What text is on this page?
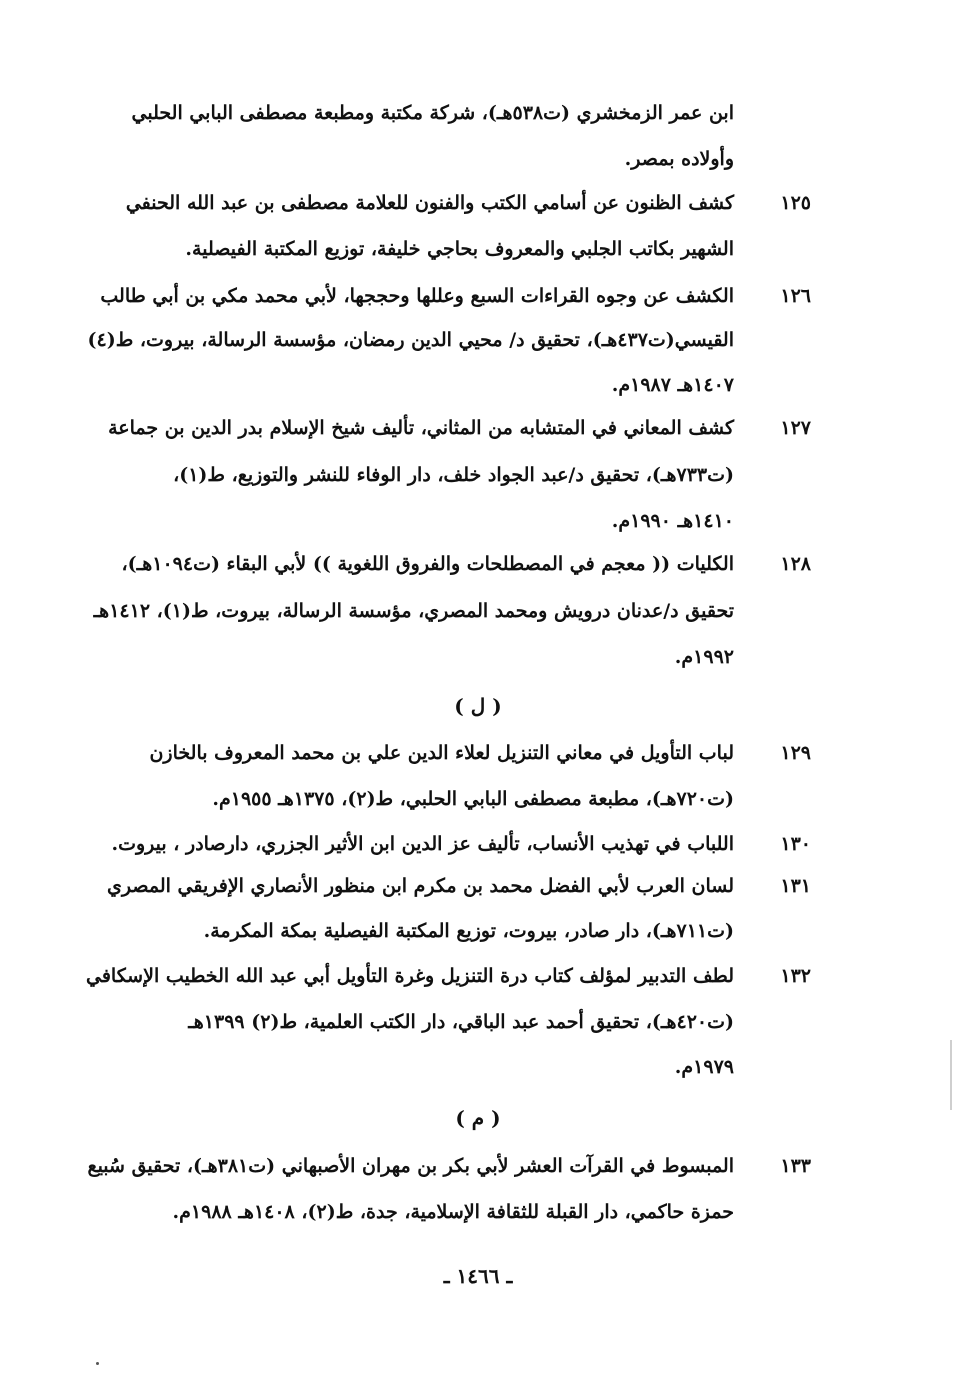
ابن عمر الزمخشري (ت٥٣٨هـ)، شركة مكتبة ومطبعة مصطفى البابي الحلبي
وأولاده بمصر.
١٢٥
كشف الظنون عن أسامي الكتب والفنون للعلامة مصطفى بن عبد الله الحنفي
الشهير بكاتب الجلبي والمعروف بحاجي خليفة، توزيع المكتبة الفيصلية.
١٢٦
الكشف عن وجوه القراءات السبع وعللها وحججها، لأبي محمد مكي بن أبي طالب
القيسي(ت٤٣٧هـ)، تحقيق د/ محيي الدين رمضان، مؤسسة الرسالة، بيروت، ط(٤)
١٤٠٧هـ ١٩٨٧م.
١٢٧
كشف المعاني في المتشابه من المثاني، تأليف شيخ الإسلام بدر الدين بن جماعة
(ت٧٣٣هـ)، تحقيق د/عبد الجواد خلف، دار الوفاء للنشر والتوزيع، ط(١)،
١٤١٠هـ ١٩٩٠م.
١٢٨
الكليات (( معجم في المصطلحات والفروق اللغوية )) لأبي البقاء (ت١٠٩٤هـ)،
تحقيق د/عدنان درويش ومحمد المصري، مؤسسة الرسالة، بيروت، ط(١)، ١٤١٢هـ
١٩٩٢م.
( ل )
١٢٩
لباب التأويل في معاني التنزيل لعلاء الدين علي بن محمد المعروف بالخازن
(ت٧٢٠هـ)، مطبعة مصطفى البابي الحلبي، ط(٢)، ١٣٧٥هـ ١٩٥٥م.
١٣٠
اللباب في تهذيب الأنساب، تأليف عز الدين ابن الأثير الجزري، دارصادر ، بيروت.
١٣١
لسان العرب لأبي الفضل محمد بن مكرم ابن منظور الأنصاري الإفريقي المصري
(ت٧١١هـ)، دار صادر، بيروت، توزيع المكتبة الفيصلية بمكة المكرمة.
١٣٢
لطف التدبير لمؤلف كتاب درة التنزيل وغرة التأويل أبي عبد الله الخطيب الإسكافي
(ت٤٢٠هـ)، تحقيق أحمد عبد الباقي، دار الكتب العلمية، ط(٢) ١٣٩٩هـ
١٩٧٩م.
( م )
١٣٣
المبسوط في القرآت العشر لأبي بكر بن مهران الأصبهاني (ت٣٨١هـ)، تحقيق سُبيع
حمزة حاكمي، دار القبلة للثقافة الإسلامية، جدة، ط(٢)، ١٤٠٨هـ ١٩٨٨م.
ـ ١٤٦٦ ـ
